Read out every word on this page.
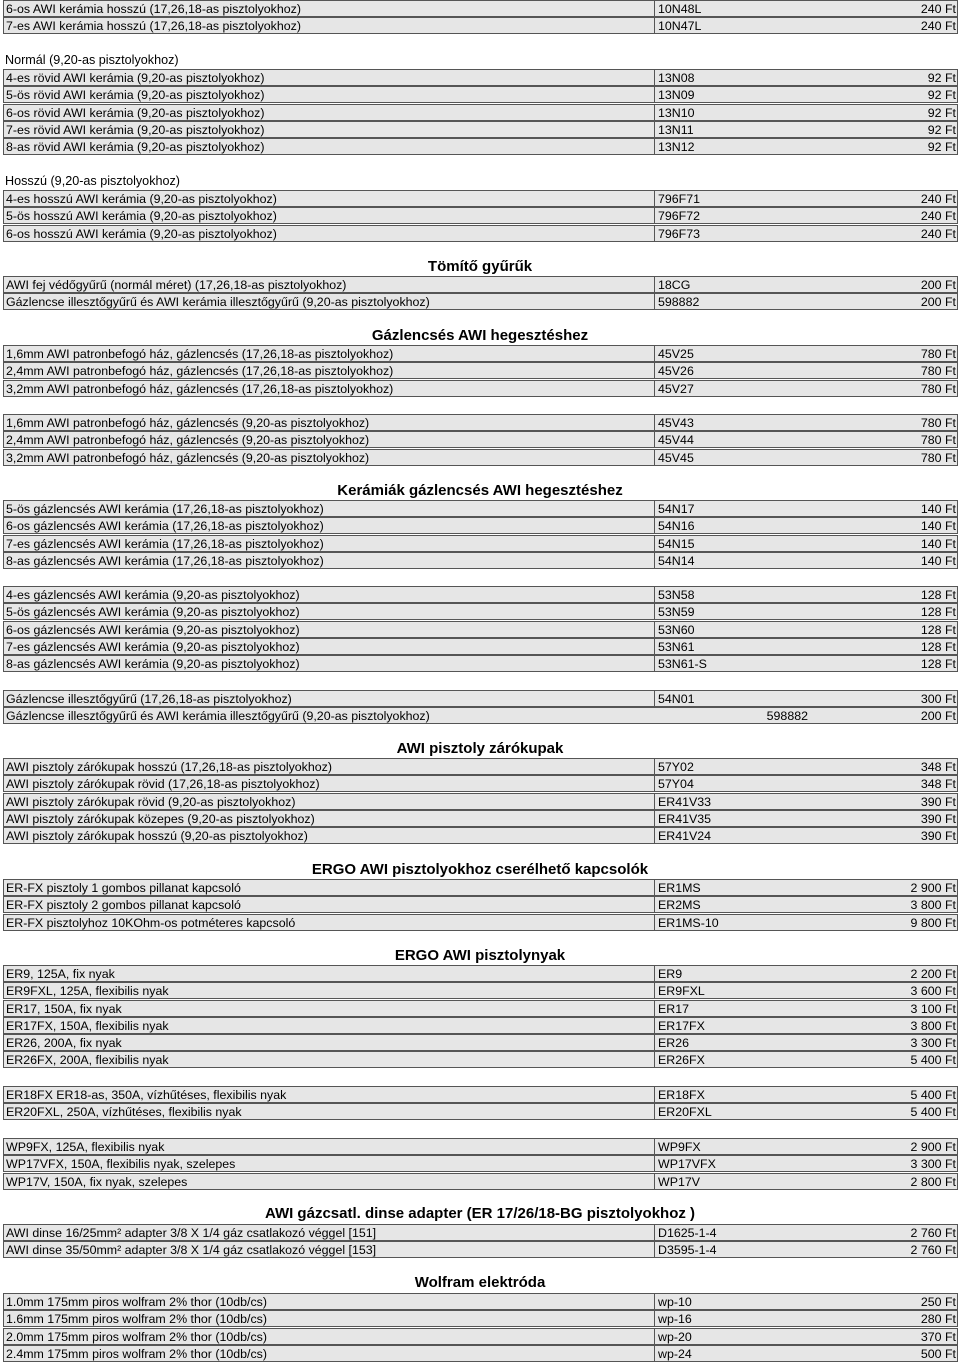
6-os AWI kerámia hosszú (17,26,18-as pisztolyokhoz)	10N48L	240 Ft
7-es AWI kerámia hosszú (17,26,18-as pisztolyokhoz)	10N47L	240 Ft
Normál (9,20-as pisztolyokhoz)
4-es rövid AWI kerámia (9,20-as pisztolyokhoz)	13N08	92 Ft
5-ös rövid AWI kerámia (9,20-as pisztolyokhoz)	13N09	92 Ft
6-os rövid AWI kerámia (9,20-as pisztolyokhoz)	13N10	92 Ft
7-es rövid AWI kerámia (9,20-as pisztolyokhoz)	13N11	92 Ft
8-as rövid AWI kerámia (9,20-as pisztolyokhoz)	13N12	92 Ft
Hosszú (9,20-as pisztolyokhoz)
4-es hosszú AWI kerámia (9,20-as pisztolyokhoz)	796F71	240 Ft
5-ös hosszú AWI kerámia (9,20-as pisztolyokhoz)	796F72	240 Ft
6-os hosszú AWI kerámia (9,20-as pisztolyokhoz)	796F73	240 Ft
Tömítő gyűrűk
AWI fej védőgyűrű (normál méret) (17,26,18-as pisztolyokhoz)	18CG	200 Ft
Gázlencse illesztőgyűrű és AWI kerámia illesztőgyűrű (9,20-as pisztolyokhoz)	598882	200 Ft
Gázlencsés AWI hegesztéshez
1,6mm AWI patronbefogó ház, gázlencsés (17,26,18-as pisztolyokhoz)	45V25	780 Ft
2,4mm AWI patronbefogó ház, gázlencsés (17,26,18-as pisztolyokhoz)	45V26	780 Ft
3,2mm AWI patronbefogó ház, gázlencsés (17,26,18-as pisztolyokhoz)	45V27	780 Ft
1,6mm AWI patronbefogó ház, gázlencsés (9,20-as pisztolyokhoz)	45V43	780 Ft
2,4mm AWI patronbefogó ház, gázlencsés (9,20-as pisztolyokhoz)	45V44	780 Ft
3,2mm AWI patronbefogó ház, gázlencsés (9,20-as pisztolyokhoz)	45V45	780 Ft
Kerámiák gázlencsés AWI hegesztéshez
5-ös gázlencsés AWI kerámia (17,26,18-as pisztolyokhoz)	54N17	140 Ft
6-os gázlencsés AWI kerámia (17,26,18-as pisztolyokhoz)	54N16	140 Ft
7-es gázlencsés AWI kerámia (17,26,18-as pisztolyokhoz)	54N15	140 Ft
8-as gázlencsés AWI kerámia (17,26,18-as pisztolyokhoz)	54N14	140 Ft
4-es gázlencsés AWI kerámia (9,20-as pisztolyokhoz)	53N58	128 Ft
5-ös gázlencsés AWI kerámia (9,20-as pisztolyokhoz)	53N59	128 Ft
6-os gázlencsés AWI kerámia (9,20-as pisztolyokhoz)	53N60	128 Ft
7-es gázlencsés AWI kerámia (9,20-as pisztolyokhoz)	53N61	128 Ft
8-as gázlencsés AWI kerámia (9,20-as pisztolyokhoz)	53N61-S	128 Ft
Gázlencse illesztőgyűrű (17,26,18-as pisztolyokhoz)	54N01	300 Ft
Gázlencse illesztőgyűrű és AWI kerámia illesztőgyűrű (9,20-as pisztolyokhoz)	598882	200 Ft
AWI pisztoly zárókupak
AWI pisztoly zárókupak hosszú (17,26,18-as pisztolyokhoz)	57Y02	348 Ft
AWI pisztoly zárókupak rövid (17,26,18-as pisztolyokhoz)	57Y04	348 Ft
AWI pisztoly zárókupak rövid (9,20-as pisztolyokhoz)	ER41V33	390 Ft
AWI pisztoly zárókupak közepes (9,20-as pisztolyokhoz)	ER41V35	390 Ft
AWI pisztoly zárókupak hosszú (9,20-as pisztolyokhoz)	ER41V24	390 Ft
ERGO AWI pisztolyokhoz cserélhető kapcsolók
ER-FX pisztoly 1 gombos pillanat kapcsoló	ER1MS	2 900 Ft
ER-FX pisztoly 2 gombos pillanat kapcsoló	ER2MS	3 800 Ft
ER-FX pisztolyhoz 10KOhm-os potméteres kapcsoló	ER1MS-10	9 800 Ft
ERGO AWI pisztolynyak
ER9, 125A, fix nyak	ER9	2 200 Ft
ER9FXL, 125A, flexibilis nyak	ER9FXL	3 600 Ft
ER17, 150A, fix nyak	ER17	3 100 Ft
ER17FX, 150A, flexibilis nyak	ER17FX	3 800 Ft
ER26, 200A, fix nyak	ER26	3 300 Ft
ER26FX, 200A, flexibilis nyak	ER26FX	5 400 Ft
ER18FX ER18-as, 350A, vízhűtéses, flexibilis nyak	ER18FX	5 400 Ft
ER20FXL, 250A, vízhűtéses, flexibilis nyak	ER20FXL	5 400 Ft
WP9FX, 125A, flexibilis nyak	WP9FX	2 900 Ft
WP17VFX, 150A, flexibilis nyak, szelepes	WP17VFX	3 300 Ft
WP17V, 150A, fix nyak, szelepes	WP17V	2 800 Ft
AWI gázcsatl. dinse adapter (ER 17/26/18-BG pisztolyokhoz )
AWI dinse 16/25mm² adapter 3/8 X 1/4 gáz csatlakozó véggel [151]	D1625-1-4	2 760 Ft
AWI dinse 35/50mm² adapter 3/8 X 1/4 gáz csatlakozó véggel [153]	D3595-1-4	2 760 Ft
Wolfram elektróda
1.0mm 175mm piros wolfram 2% thor (10db/cs)	wp-10	250 Ft
1.6mm 175mm piros wolfram 2% thor (10db/cs)	wp-16	280 Ft
2.0mm 175mm piros wolfram 2% thor (10db/cs)	wp-20	370 Ft
2.4mm 175mm piros wolfram 2% thor (10db/cs)	wp-24	500 Ft
